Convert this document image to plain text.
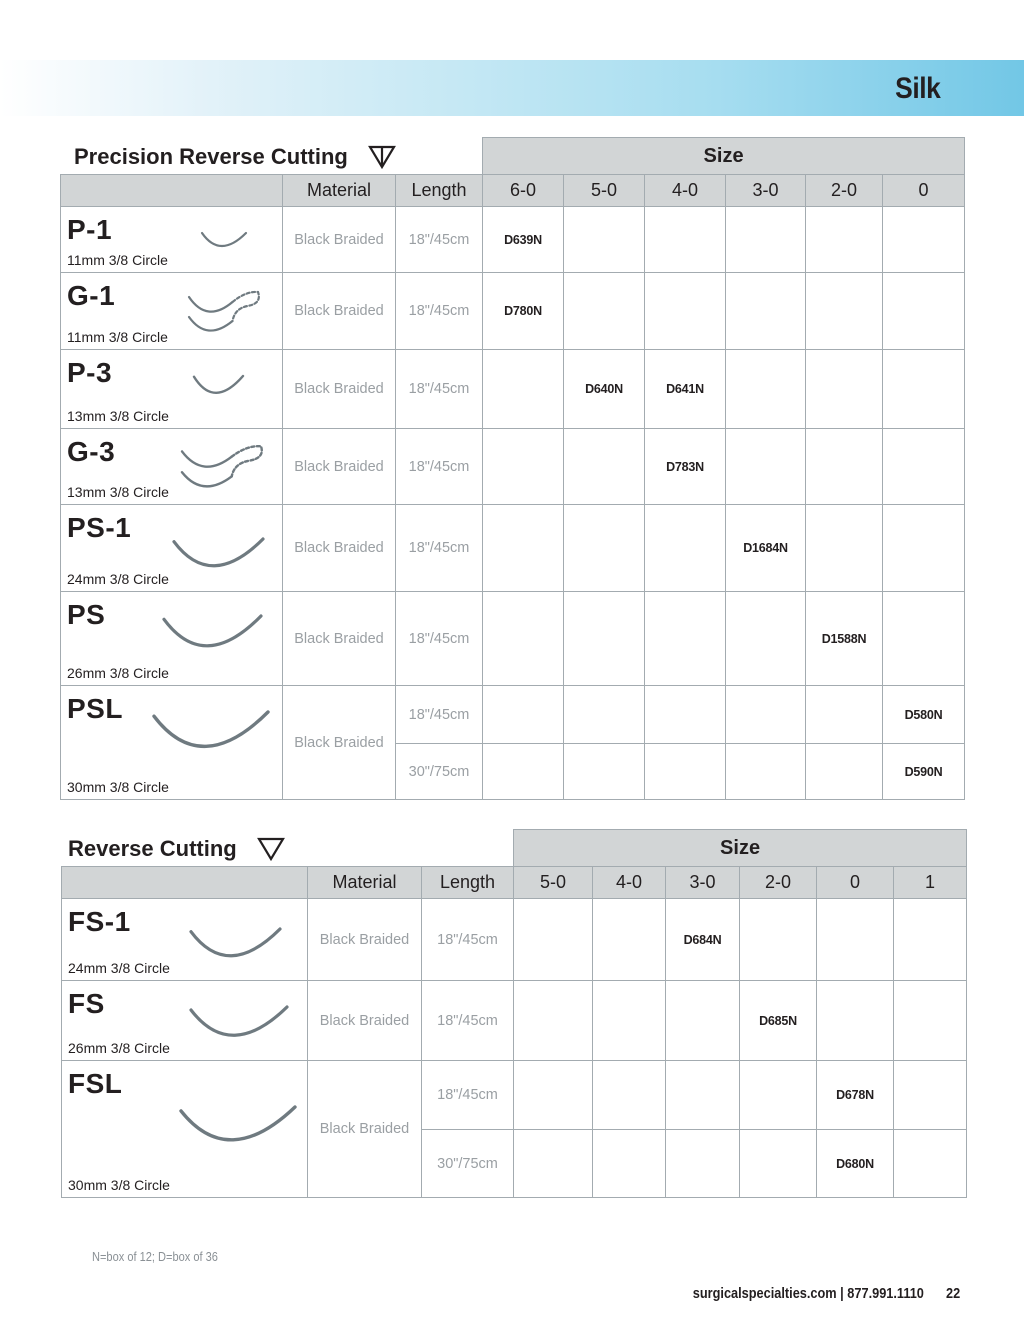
Silk
Precision Reverse Cutting
			Size					
	Material	Length	6-0	5-0	4-0	3-0	2-0	0

P-1
11mm 3/8 Circle	Black Braided	18"/45cm	D639N					

G-1
11mm 3/8 Circle	Black Braided	18"/45cm	D780N					

P-3
13mm 3/8 Circle	Black Braided	18"/45cm		D640N	D641N			

G-3
13mm 3/8 Circle	Black Braided	18"/45cm			D783N			

PS-1
24mm 3/8 Circle	Black Braided	18"/45cm				D1684N		

PS
26mm 3/8 Circle	Black Braided	18"/45cm					D1588N	

PSL
30mm 3/8 Circle	Black Braided	18"/45cm						D580N
		30"/75cm						D590N
Reverse Cutting
			Size					
	Material	Length	5-0	4-0	3-0	2-0	0	1

FS-1
24mm 3/8 Circle	Black Braided	18"/45cm			D684N			

FS
26mm 3/8 Circle	Black Braided	18"/45cm				D685N		

FSL
30mm 3/8 Circle	Black Braided	18"/45cm					D678N	
		30"/75cm					D680N	
N=box of 12; D=box of 36
surgicalspecialties.com | 877.991.1110 22
